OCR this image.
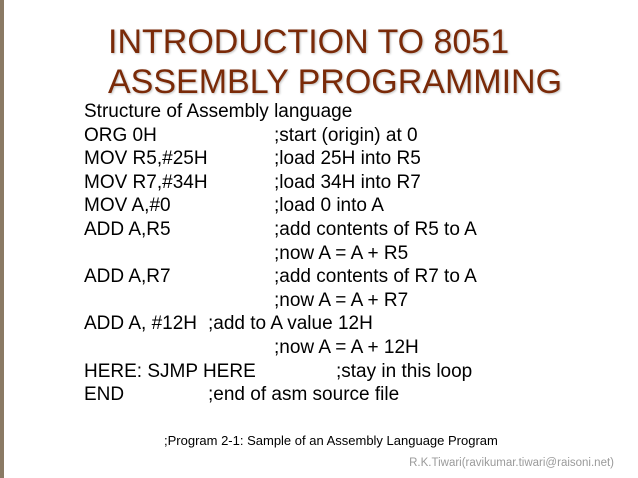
INTRODUCTION TO 8051
ASSEMBLY PROGRAMMING
Structure of Assembly language
ORG 0H	;start (origin) at 0
MOV R5,#25H	;load 25H into R5
MOV R7,#34H	;load 34H into R7
MOV A,#0	;load 0 into A
ADD A,R5	;add contents of R5 to A
;now A = A + R5
ADD A,R7	;add contents of R7 to A
;now A = A + R7
ADD A, #12H ;add to A value 12H
;now A = A + 12H
HERE: SJMP HERE	;stay in this loop
END	;end of asm source file
;Program 2-1: Sample of an Assembly Language Program
R.K.Tiwari(ravikumar.tiwari@raisoni.net)
